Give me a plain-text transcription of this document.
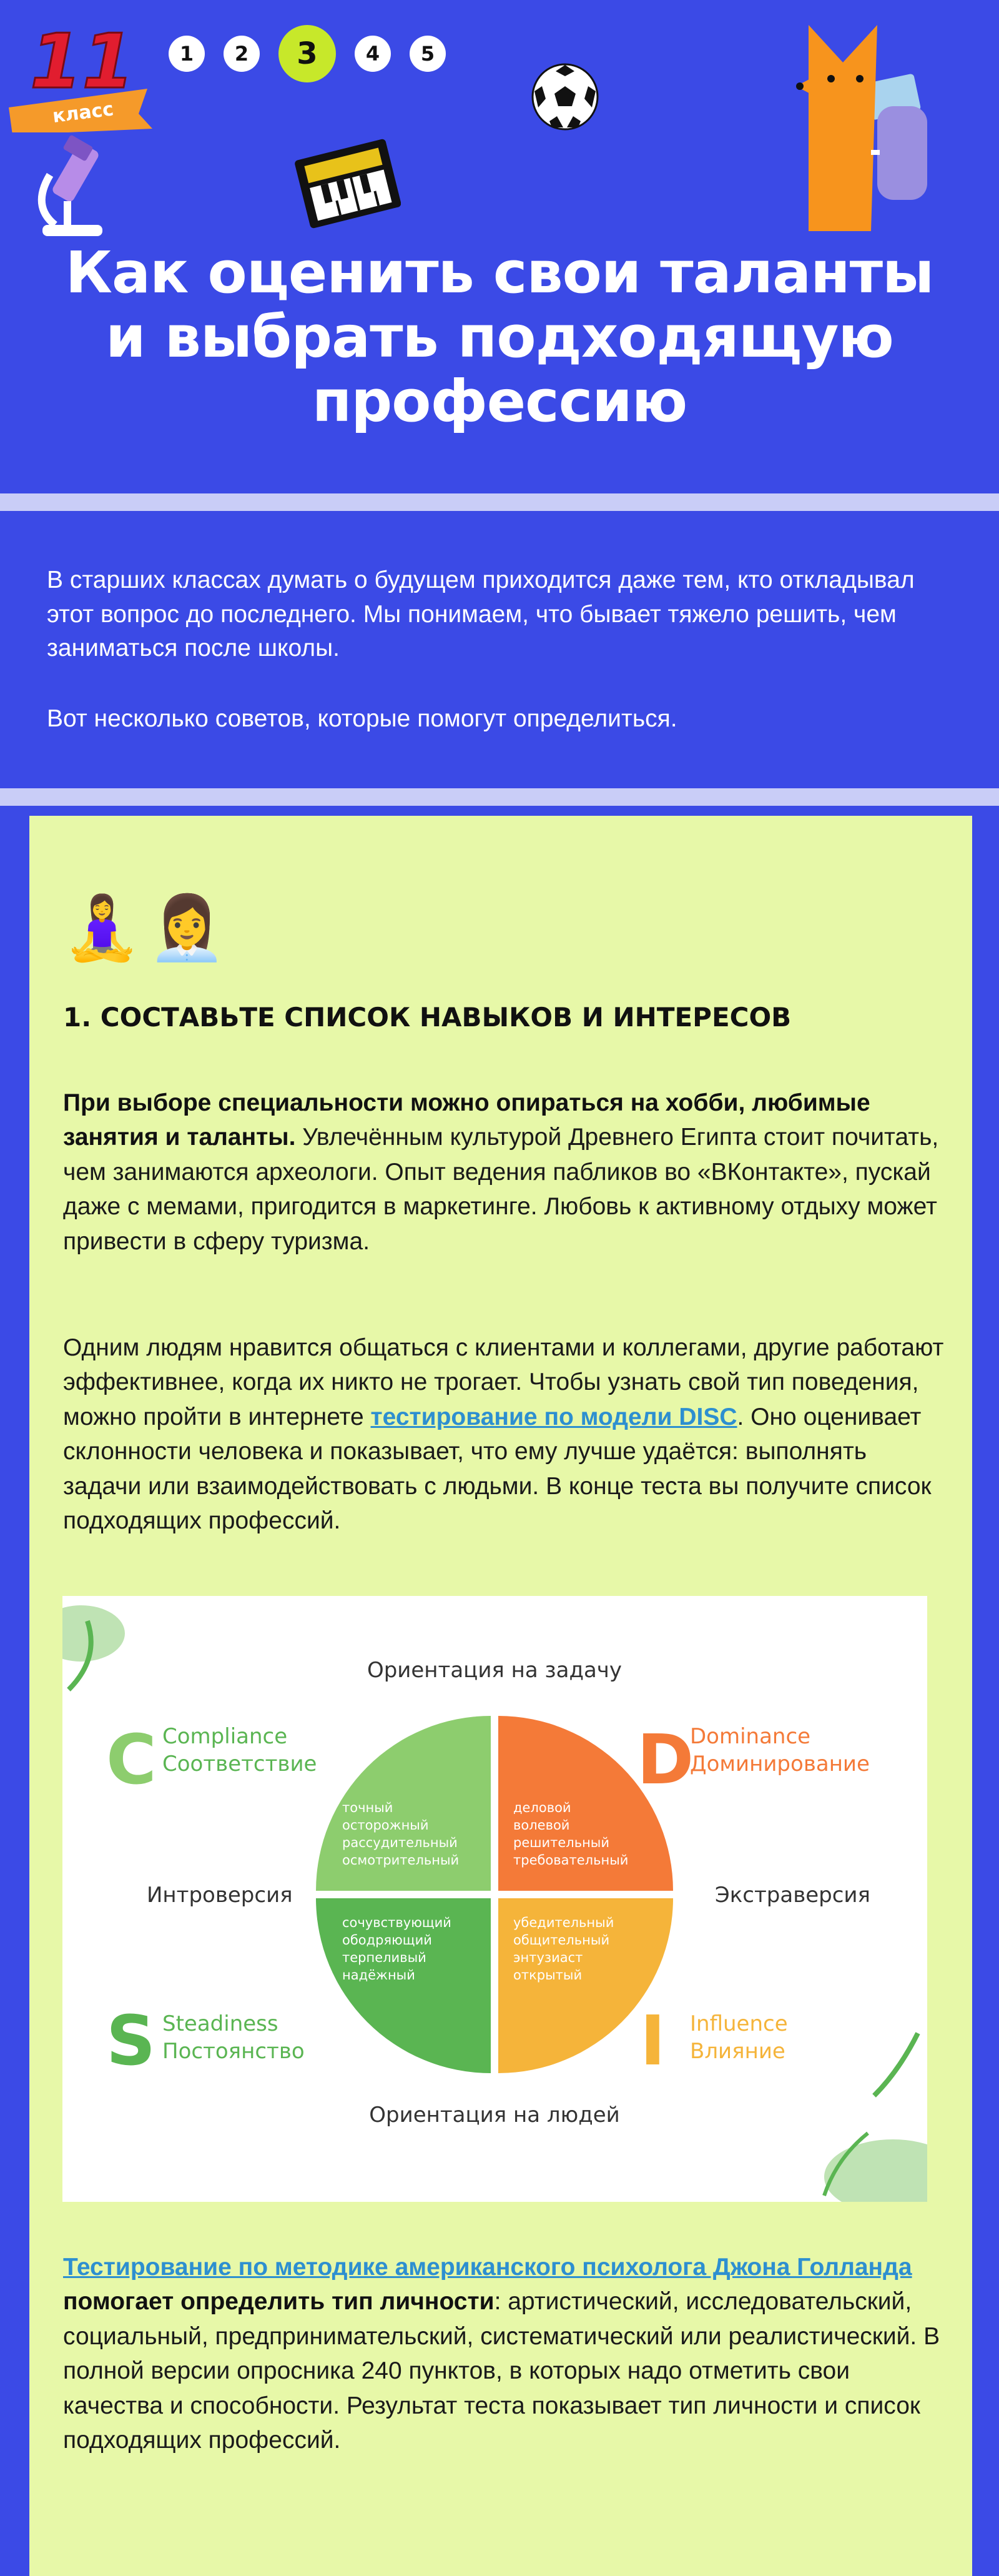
11
класс
1	2	3	4	5
Как оценить свои таланты
и выбрать подходящую
профессию

В старших классах думать о будущем приходится даже тем, кто откладывал этот вопрос до последнего. Мы понимаем, что бывает тяжело решить, чем заниматься после школы.

Вот несколько советов, которые помогут определиться.

🧘‍♀️ 👩‍💼
1. СОСТАВЬТЕ СПИСОК НАВЫКОВ И ИНТЕРЕСОВ

При выборе специальности можно опираться на хобби, любимые занятия и таланты. Увлечённым культурой Древнего Египта стоит почитать, чем занимаются археологи. Опыт ведения пабликов во «ВКонтакте», пускай даже с мемами, пригодится в маркетинге. Любовь к активному отдыху может привести в сферу туризма.

Одним людям нравится общаться с клиентами и коллегами, другие работают эффективнее, когда их никто не трогает. Чтобы узнать свой тип поведения, можно пройти в интернете тестирование по модели DISC. Оно оценивает склонности человека и показывает, что ему лучше удаётся: выполнять задачи или взаимодействовать с людьми. В конце теста вы получите список подходящих профессий.

Тестирование по методике американского психолога Джона Голланда помогает определить тип личности: артистический, исследовательский, социальный, предпринимательский, систематический или реалистический. В полной версии опросника 240 пунктов, в которых надо отметить свои качества и способности. Результат теста показывает тип личности и список подходящих профессий.

Ориентация на задачу
Ориентация на людей
Интроверсия	Экстраверсия
C Compliance
Соответствие	D
Dominance
Доминирование
S Steadiness
Постоянство	I Influence
Влияние
точный
осторожный
рассудительный
осмотрительный
деловой
волевой
решительный
требовательный
сочувствующий
ободряющий
терпеливый
надёжный
убедительный
общительный
энтузиаст
открытый
